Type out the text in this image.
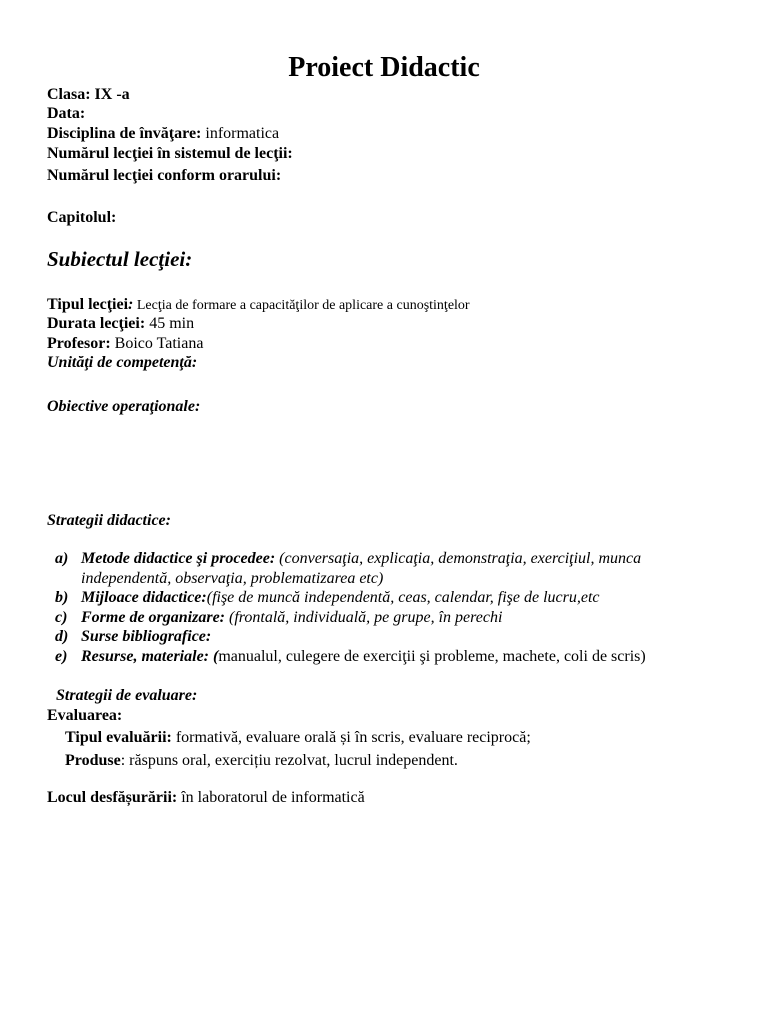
Proiect Didactic
Clasa: IX -a
Data:
Disciplina de învăţare: informatica
Numărul lecţiei în sistemul de lecţii:
Numărul lecţiei conform orarului:
Capitolul:
Subiectul lecţiei:
Tipul lecţiei: Lecţia de formare a capacităţilor de aplicare a cunoştinţelor
Durata lecţiei: 45 min
Profesor: Boico Tatiana
Unităţi de competenţă:
Obiective operaţionale:
Strategii didactice:
a) Metode didactice şi procedee: (conversaţia, explicaţia, demonstraţia, exerciţiul, munca
independentă, observaţia, problematizarea etc)
b) Mijloace didactice:(fişe de muncă independentă, ceas, calendar, fişe de lucru,etc
c) Forme de organizare: (frontală, individuală, pe grupe, în perechi
d) Surse bibliografice:
e) Resurse, materiale: (manualul, culegere de exerciţii şi probleme, machete, coli de scris)
Strategii de evaluare:
Evaluarea:
Tipul evaluării: formativă, evaluare orală și în scris, evaluare reciprocă;
Produse: răspuns oral, exercițiu rezolvat, lucrul independent.
Locul desfășurării: în laboratorul de informatică
